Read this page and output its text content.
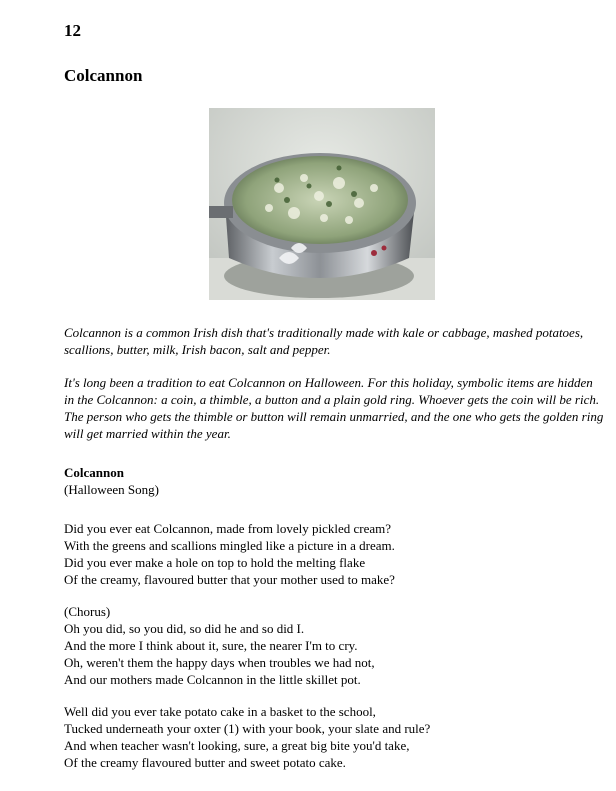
12
Colcannon

Colcannon is a common Irish dish that's traditionally made with kale or cabbage, mashed potatoes, scallions, butter, milk, Irish bacon, salt and pepper.

It's long been a tradition to eat Colcannon on Halloween. For this holiday, symbolic items are hidden in the Colcannon: a coin, a thimble, a button and a plain gold ring. Whoever gets the coin will be rich. The person who gets the thimble or button will remain unmarried, and the one who gets the golden ring will get married within the year.

Colcannon
(Halloween Song)
Did you ever eat Colcannon, made from lovely pickled cream?
With the greens and scallions mingled like a picture in a dream.
Did you ever make a hole on top to hold the melting flake
Of the creamy, flavoured butter that your mother used to make?
(Chorus)
Oh you did, so you did, so did he and so did I.
And the more I think about it, sure, the nearer I'm to cry.
Oh, weren't them the happy days when troubles we had not,
And our mothers made Colcannon in the little skillet pot.
Well did you ever take potato cake in a basket to the school,
Tucked underneath your oxter (1) with your book, your slate and rule?
And when teacher wasn't looking, sure, a great big bite you'd take,
Of the creamy flavoured butter and sweet potato cake.
